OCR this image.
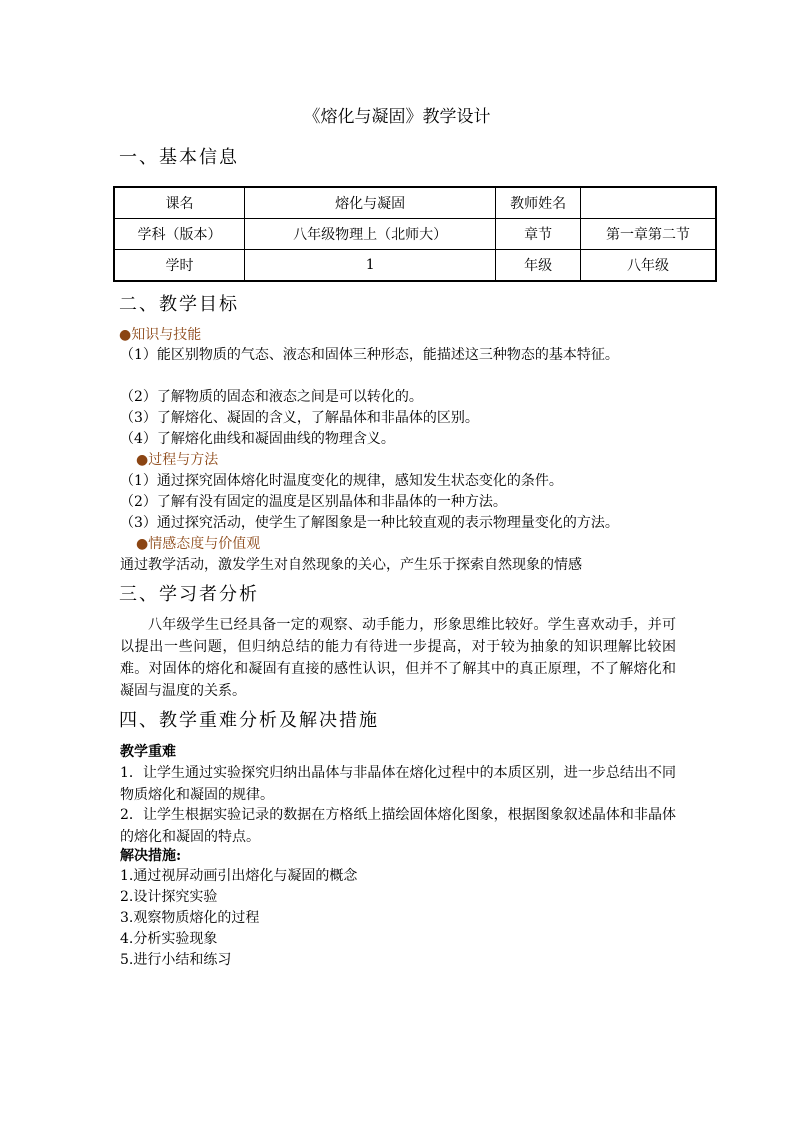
《熔化与凝固》教学设计
一、基本信息
课名	熔化与凝固	教师姓名	
学科（版本）	八年级物理上（北师大）	章节	第一章第二节
学时	1	年级	八年级
二、教学目标
●知识与技能
（1）能区别物质的气态、液态和固体三种形态，能描述这三种物态的基本特征。
（2）了解物质的固态和液态之间是可以转化的。
（3）了解熔化、凝固的含义，了解晶体和非晶体的区别。
（4）了解熔化曲线和凝固曲线的物理含义。
●过程与方法
（1）通过探究固体熔化时温度变化的规律，感知发生状态变化的条件。
（2）了解有没有固定的温度是区别晶体和非晶体的一种方法。
（3）通过探究活动，使学生了解图象是一种比较直观的表示物理量变化的方法。
●情感态度与价值观
通过教学活动，激发学生对自然现象的关心，产生乐于探索自然现象的情感
三、学习者分析
八年级学生已经具备一定的观察、动手能力，形象思维比较好。学生喜欢动手，并可以提出一些问题，但归纳总结的能力有待进一步提高，对于较为抽象的知识理解比较困难。对固体的熔化和凝固有直接的感性认识，但并不了解其中的真正原理，不了解熔化和凝固与温度的关系。
四、教学重难分析及解决措施
教学重难
1．让学生通过实验探究归纳出晶体与非晶体在熔化过程中的本质区别，进一步总结出不同物质熔化和凝固的规律。
2．让学生根据实验记录的数据在方格纸上描绘固体熔化图象，根据图象叙述晶体和非晶体的熔化和凝固的特点。
解决措施:
1.通过视屏动画引出熔化与凝固的概念
2.设计探究实验
3.观察物质熔化的过程
4.分析实验现象
5.进行小结和练习
